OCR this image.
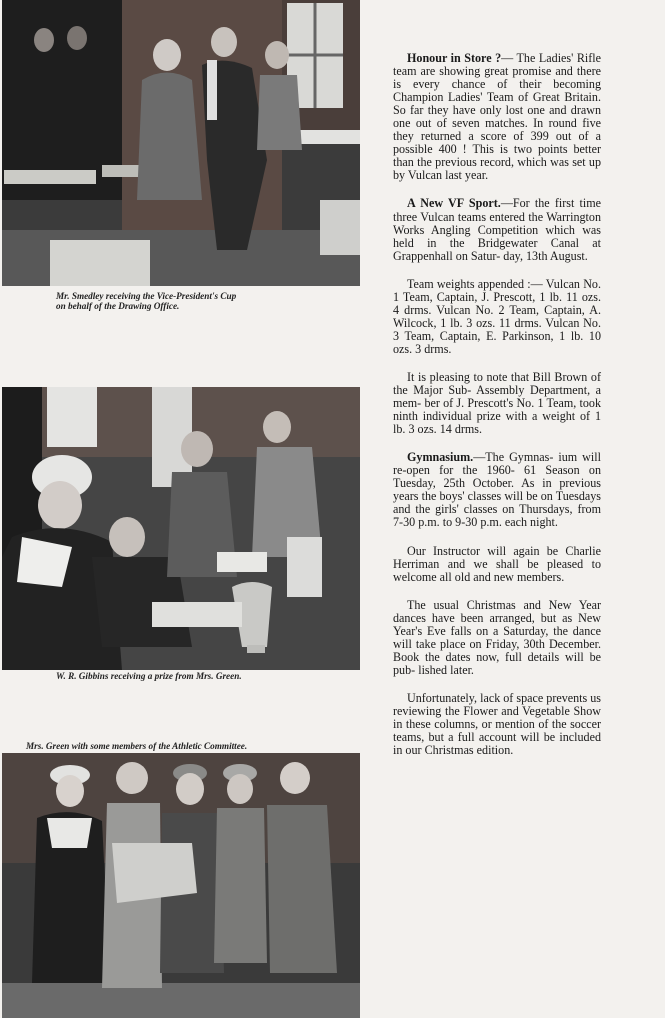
Mr. Smedley receiving the Vice-President's Cup
on behalf of the Drawing Office.

W. R. Gibbins receiving a prize from Mrs. Green.

Mrs. Green with some members of the Athletic Committee.

Honour in Store ?— The Ladies' Rifle team are showing great promise and there is every chance of their becoming Champion Ladies' Team of Great Britain. So far they have only lost one and drawn one out of seven matches. In round five they returned a score of 399 out of a possible 400 ! This is two points better than the previous record, which was set up by Vulcan last year.

A New VF Sport.—For the first time three Vulcan teams entered the Warrington Works Angling Competition which was held in the Bridgewater Canal at Grappenhall on Satur- day, 13th August.

Team weights appended :— Vulcan No. 1 Team, Captain, J. Prescott, 1 lb. 11 ozs. 4 drms. Vulcan No. 2 Team, Captain, A. Wilcock, 1 lb. 3 ozs. 11 drms. Vulcan No. 3 Team, Captain, E. Parkinson, 1 lb. 10 ozs. 3 drms.

It is pleasing to note that Bill Brown of the Major Sub- Assembly Department, a mem- ber of J. Prescott's No. 1 Team, took ninth individual prize with a weight of 1 lb. 3 ozs. 14 drms.

Gymnasium.—The Gymnas- ium will re-open for the 1960- 61 Season on Tuesday, 25th October. As in previous years the boys' classes will be on Tuesdays and the girls' classes on Thursdays, from 7-30 p.m. to 9-30 p.m. each night.

Our Instructor will again be Charlie Herriman and we shall be pleased to welcome all old and new members.

The usual Christmas and New Year dances have been arranged, but as New Year's Eve falls on a Saturday, the dance will take place on Friday, 30th December. Book the dates now, full details will be pub- lished later.

Unfortunately, lack of space prevents us reviewing the Flower and Vegetable Show in these columns, or mention of the soccer teams, but a full account will be included in our Christmas edition.
